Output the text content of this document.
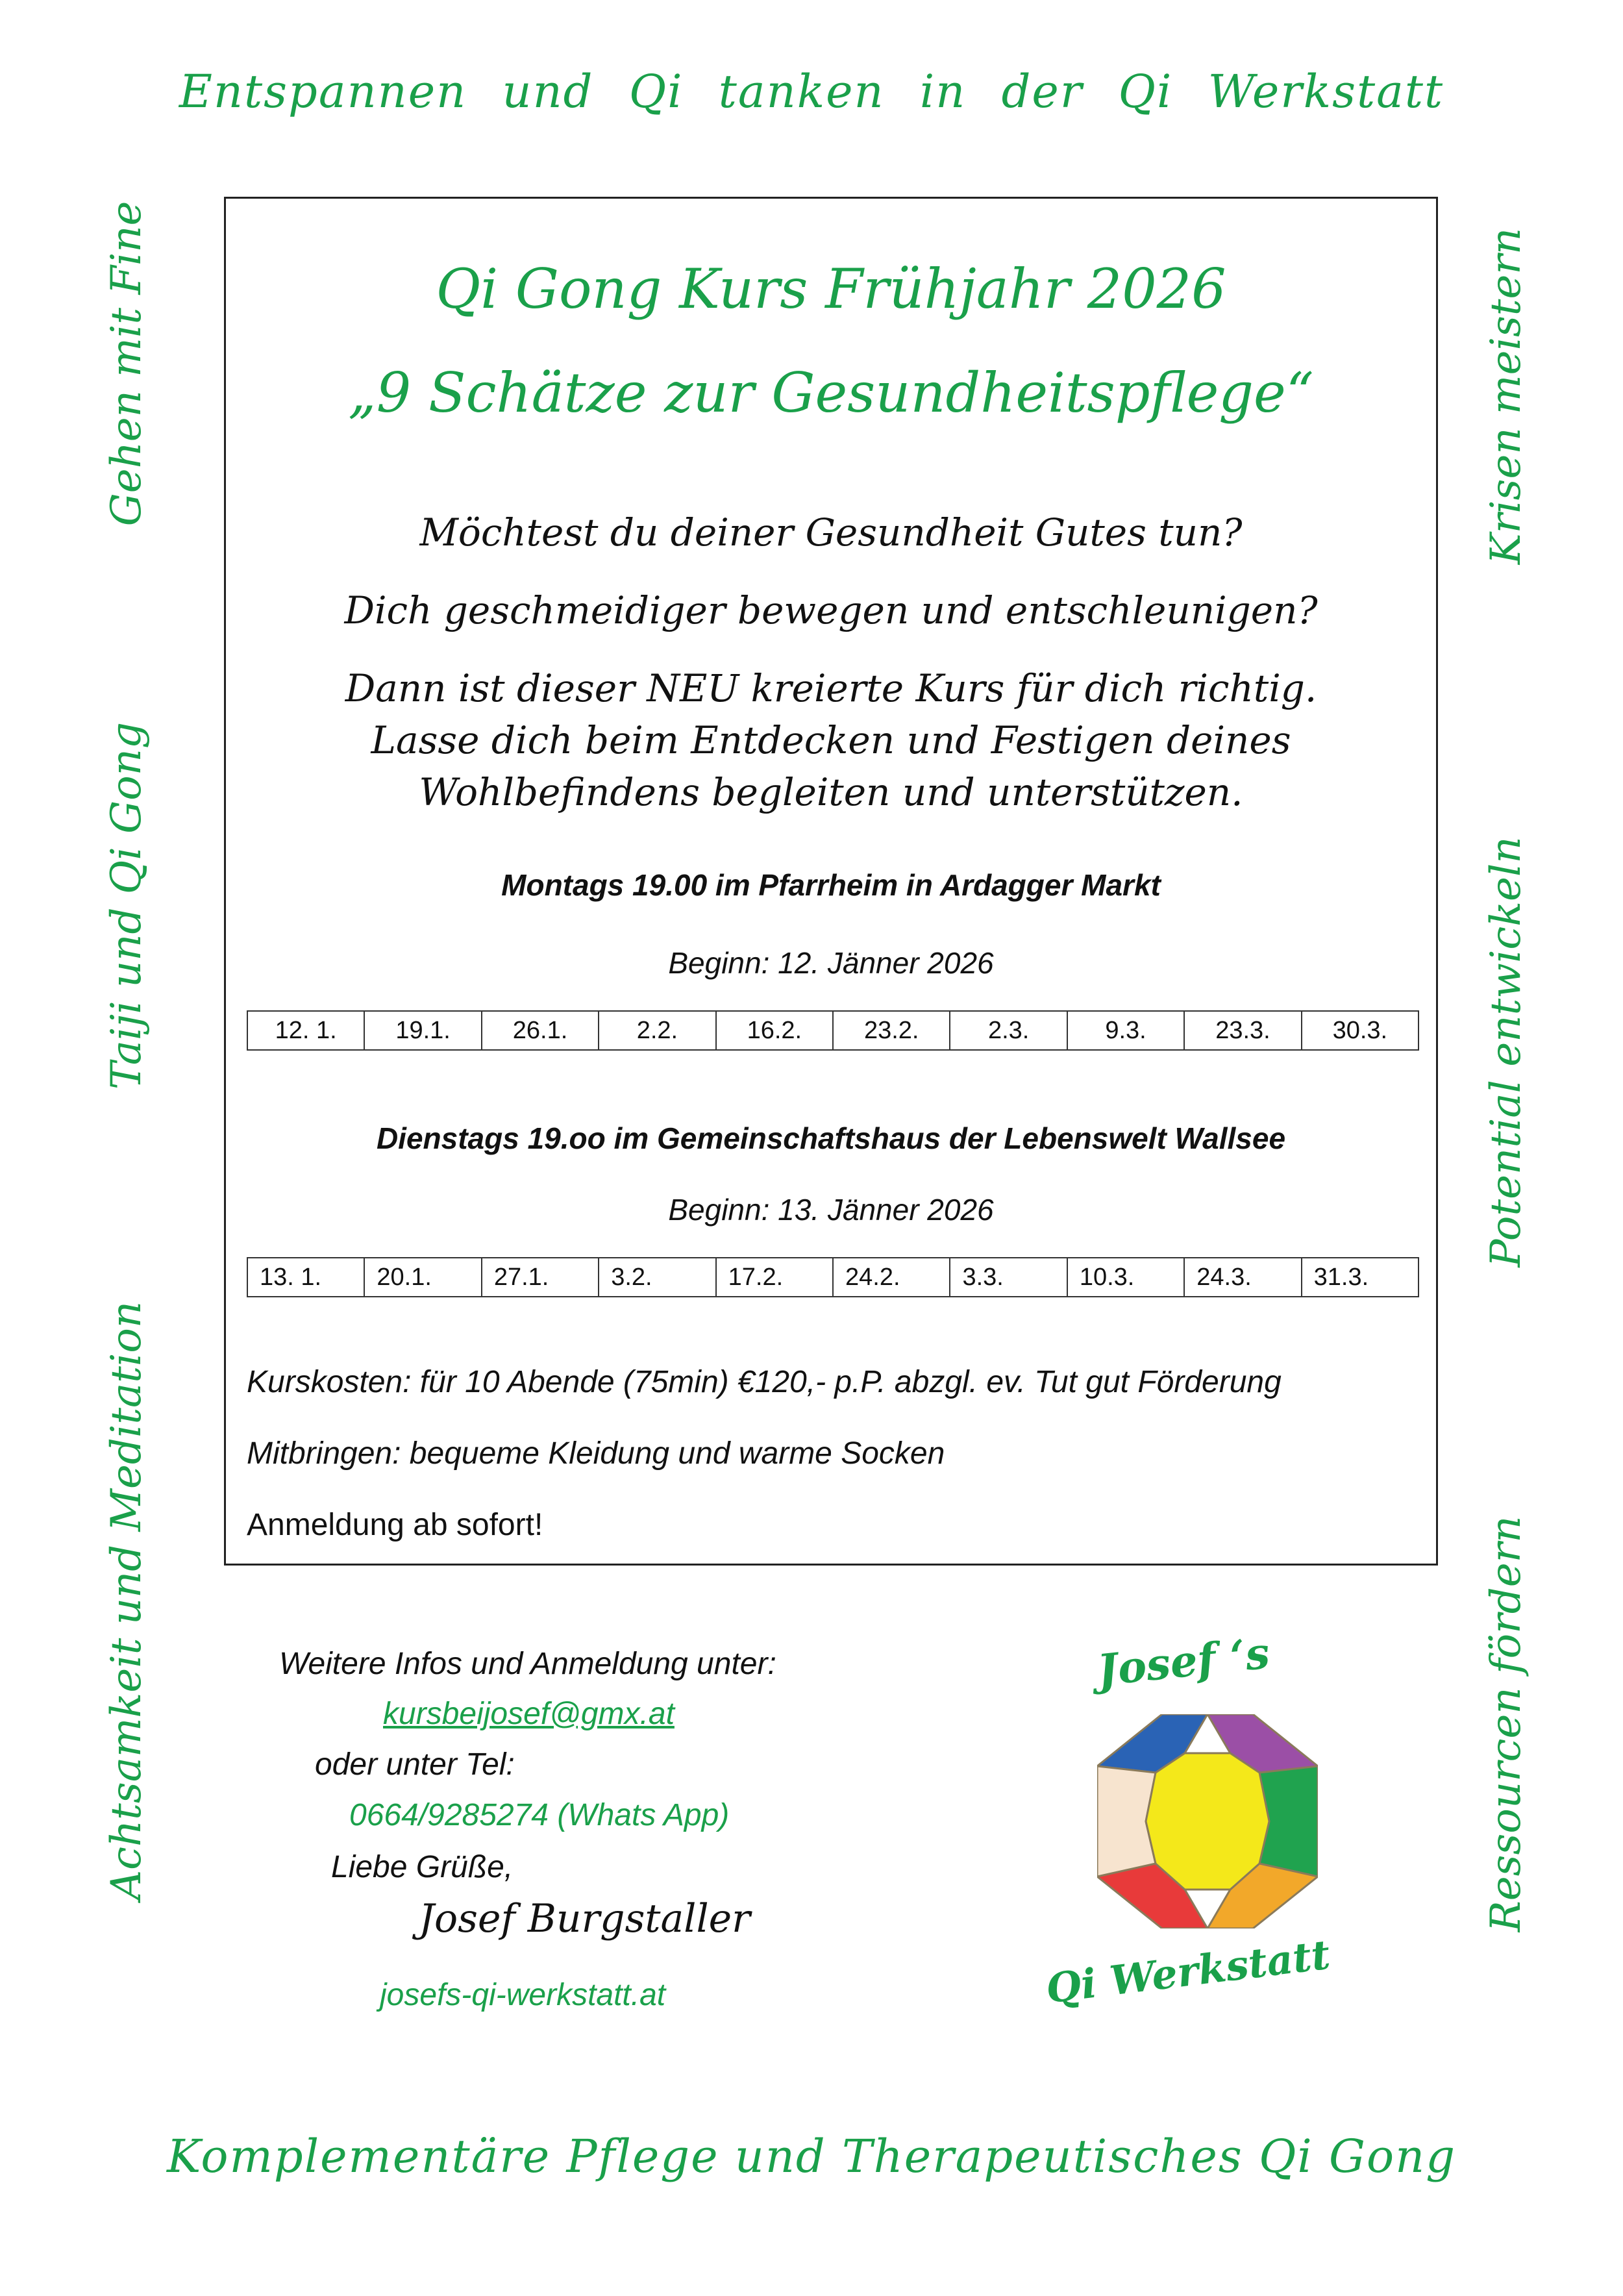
Entspannen und Qi tanken in der Qi Werkstatt
Gehen mit Fine
Taiji und Qi Gong
Achtsamkeit und Meditation
Krisen meistern
Potential entwickeln
Ressourcen fördern
Qi Gong Kurs Frühjahr 2026
„9 Schätze zur Gesundheitspflege“
Möchtest du deiner Gesundheit Gutes tun?
Dich geschmeidiger bewegen und entschleunigen?
Dann ist dieser NEU kreierte Kurs für dich richtig.
Lasse dich beim Entdecken und Festigen deines
Wohlbefindens begleiten und unterstützen.
Montags 19.00 im Pfarrheim in Ardagger Markt
Beginn: 12. Jänner 2026
12. 1.	19.1.	26.1.	2.2.	16.2.	23.2.	2.3.	9.3.	23.3.	30.3.
Dienstags 19.oo im Gemeinschaftshaus der Lebenswelt Wallsee
Beginn: 13. Jänner 2026
13. 1.	20.1.	27.1.	3.2.	17.2.	24.2.	3.3.	10.3.	24.3.	31.3.
Kurskosten: für 10 Abende (75min) €120,- p.P. abzgl. ev. Tut gut Förderung
Mitbringen: bequeme Kleidung und warme Socken
Anmeldung ab sofort!
Weitere Infos und Anmeldung unter:
kursbeijosef@gmx.at
oder unter Tel:
0664/9285274 (Whats App)
Liebe Grüße,
Josef Burgstaller
josefs-qi-werkstatt.at
Josef ‘s
Qi Werkstatt
Komplementäre Pflege und Therapeutisches Qi Gong
